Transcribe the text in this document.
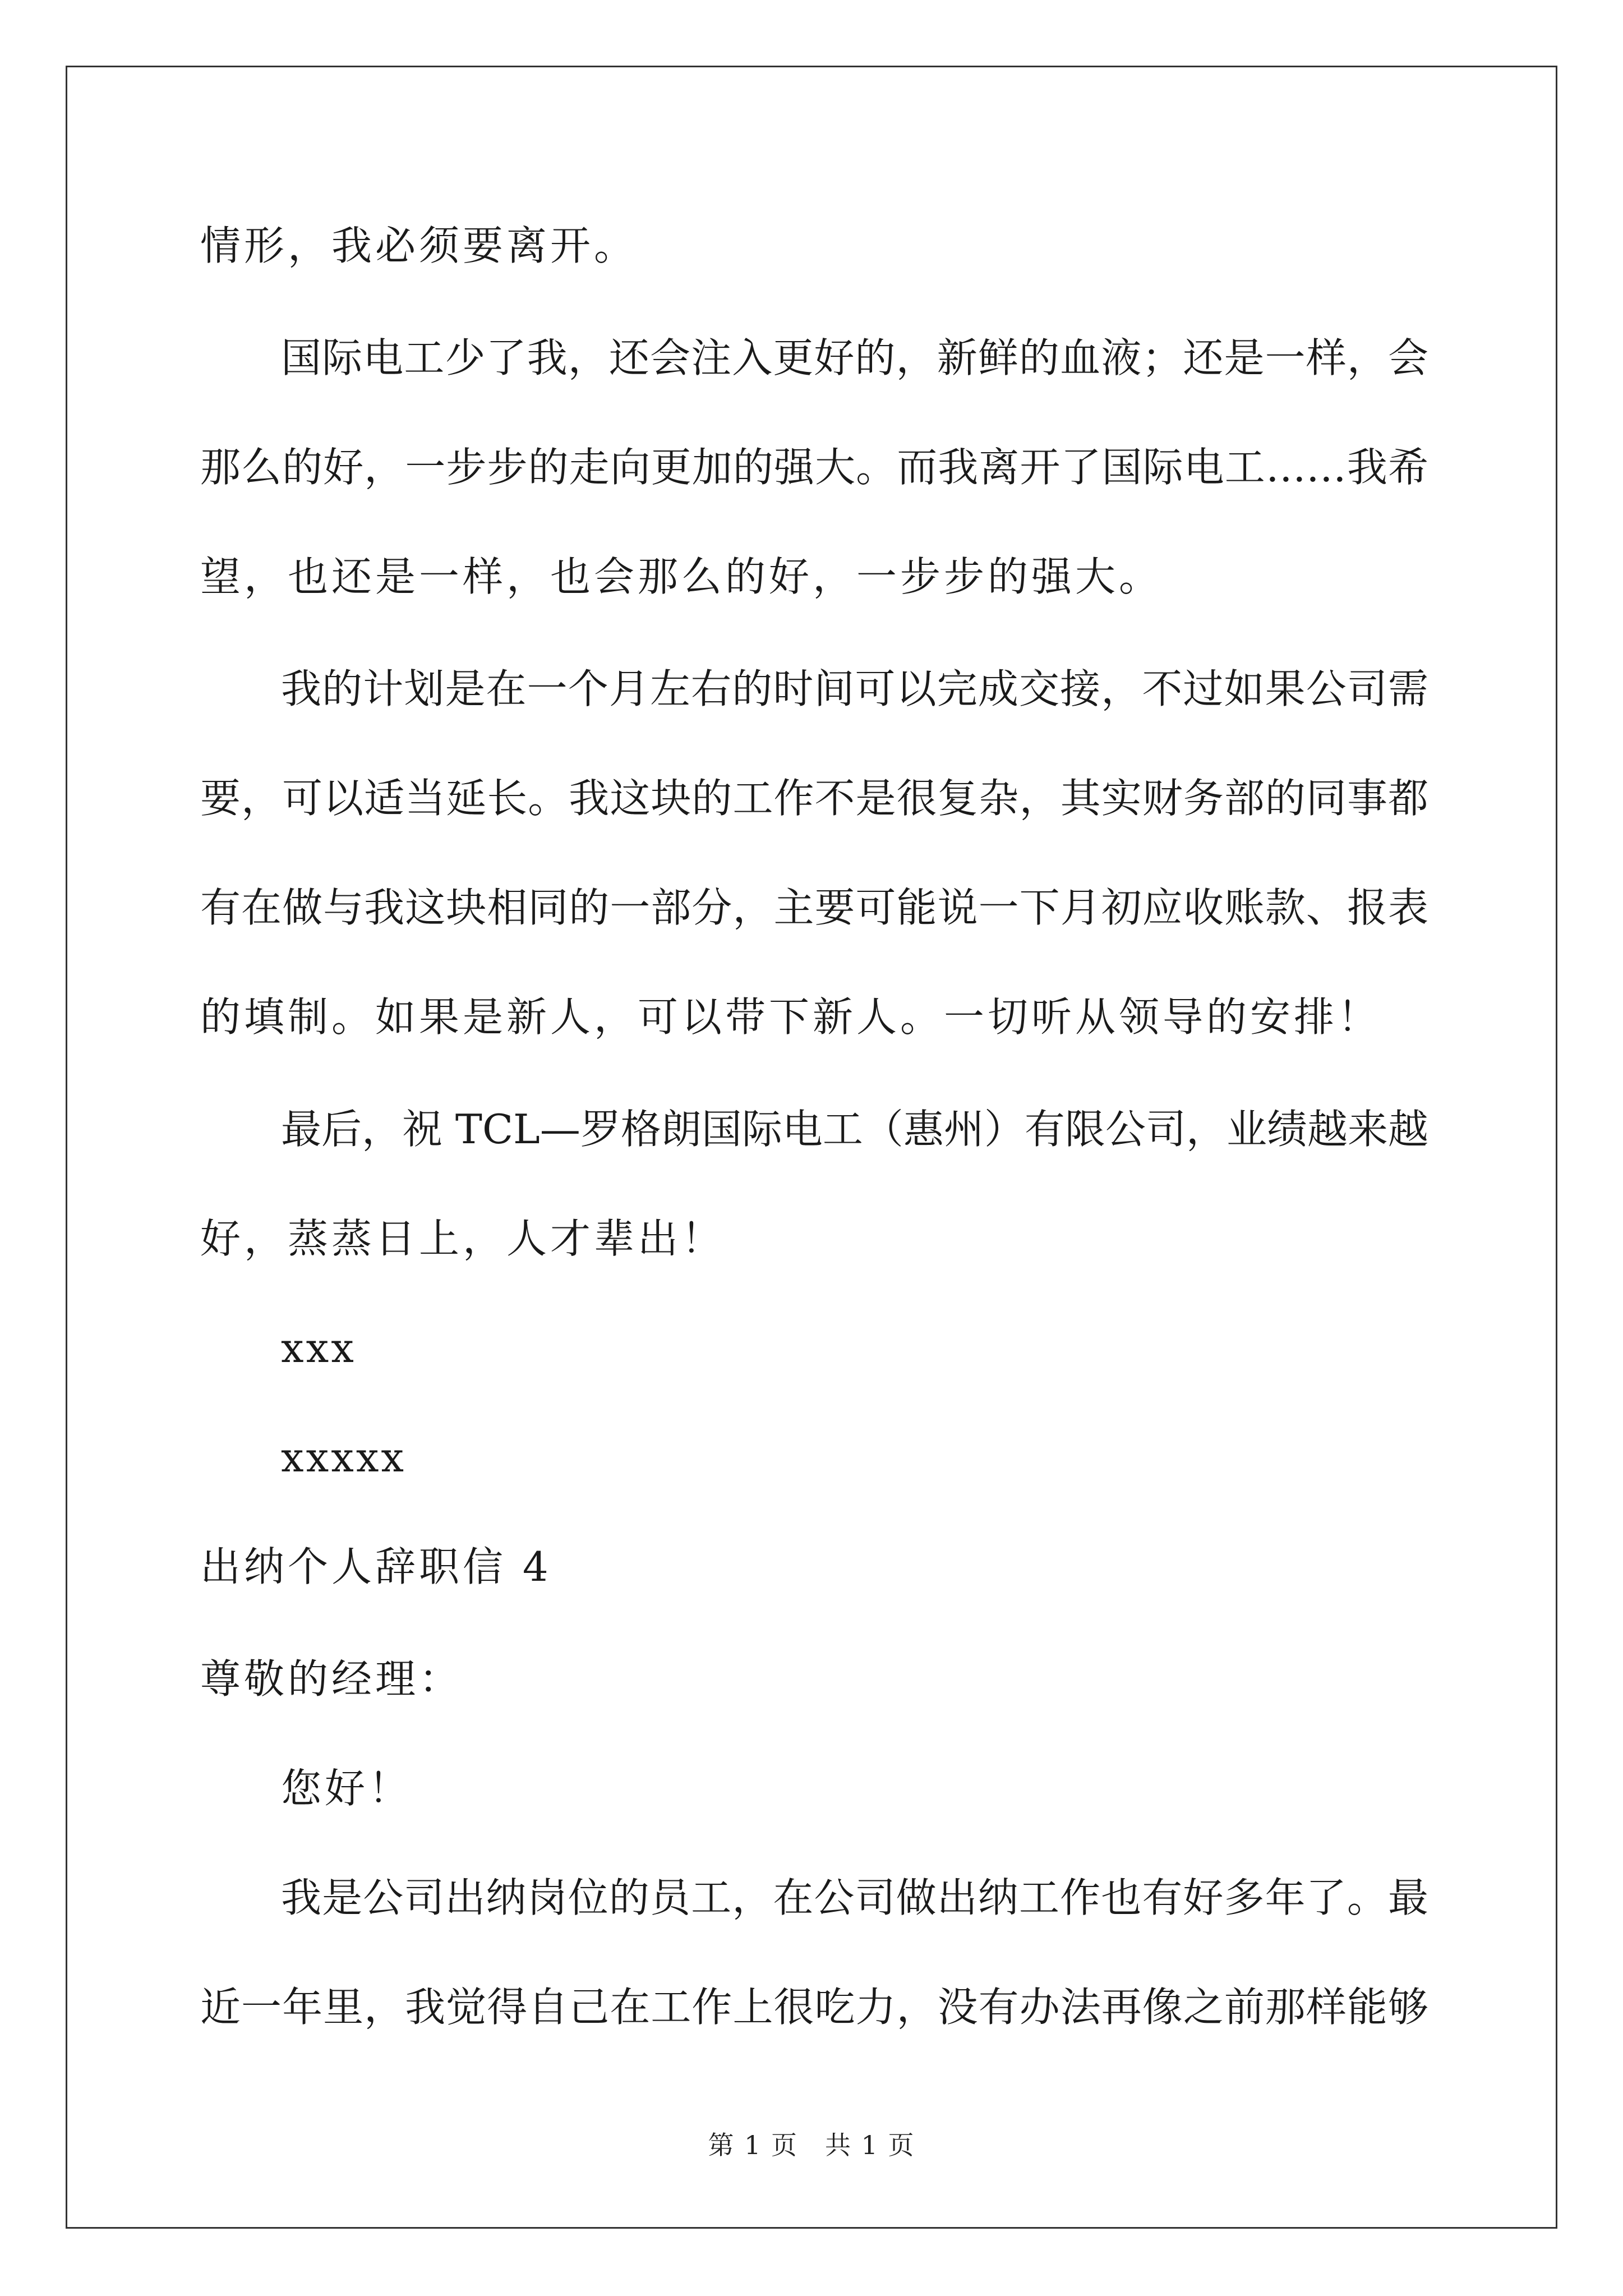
情形，我必须要离开。
国际电工少了我，还会注入更好的，新鲜的血液；还是一样，会
那么的好，一步步的走向更加的强大。而我离开了国际电工……我希
望，也还是一样，也会那么的好，一步步的强大。
我的计划是在一个月左右的时间可以完成交接，不过如果公司需
要，可以适当延长。我这块的工作不是很复杂，其实财务部的同事都
有在做与我这块相同的一部分，主要可能说一下月初应收账款、报表
的填制。如果是新人，可以带下新人。一切听从领导的安排！
最后，祝 TCL—罗格朗国际电工（惠州）有限公司，业绩越来越
好，蒸蒸日上，人才辈出！
xxx
xxxxx
出纳个人辞职信 4
尊敬的经理：
您好！
我是公司出纳岗位的员工，在公司做出纳工作也有好多年了。最
近一年里，我觉得自己在工作上很吃力，没有办法再像之前那样能够
第 1 页　共 1 页
